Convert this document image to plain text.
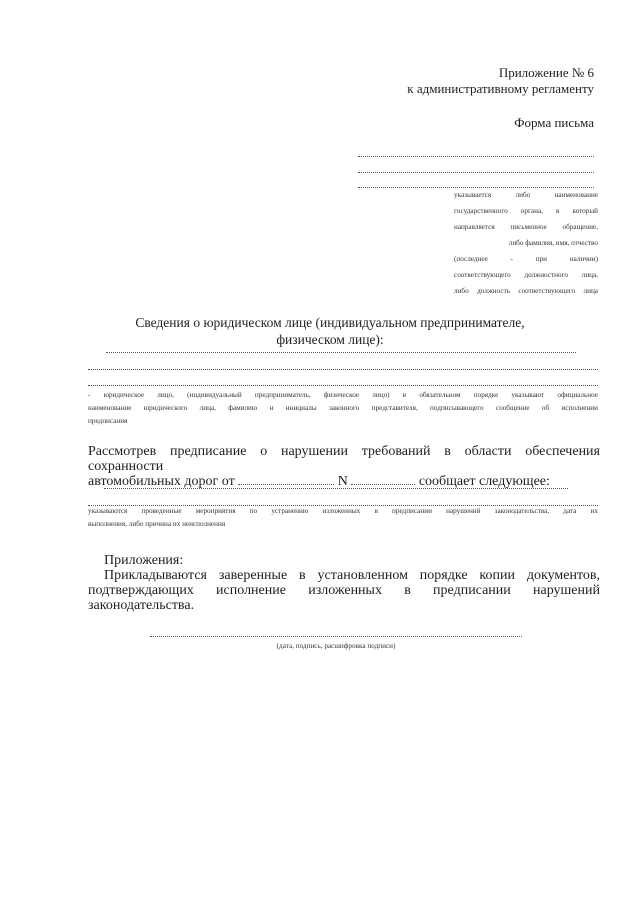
Приложение № 6
к административному регламенту
Форма письма
указывается либо наименование
государственного органа, в который
направляется письменное обращение,
либо фамилия, имя, отчество
(последнее - при наличии)
соответствующего должностного лица,
либо должность соответствующего лица
Сведения о юридическом лице (индивидуальном предпринимателе,
физическом лице):
- юридическое лицо, (индивидуальный предприниматель, физическое лицо) в обязательном порядке указывают официальное
наименование юридического лица, фамилию и инициалы законного представителя, подписывающего сообщение об исполнении
предписания
Рассмотрев предписание о нарушении требований в области обеспечения сохранности
автомобильных дорог от	N	сообщает следующее:
указываются проведенные мероприятия по устранению изложенных в предписании нарушений законодательства, дата их
выполнения, либо причина их неисполнения
Приложения:
Прикладываются заверенные в установленном порядке копии документов,
подтверждающих исполнение изложенных в предписании нарушений
законодательства.
(дата, подпись, расшифровка подписи)
